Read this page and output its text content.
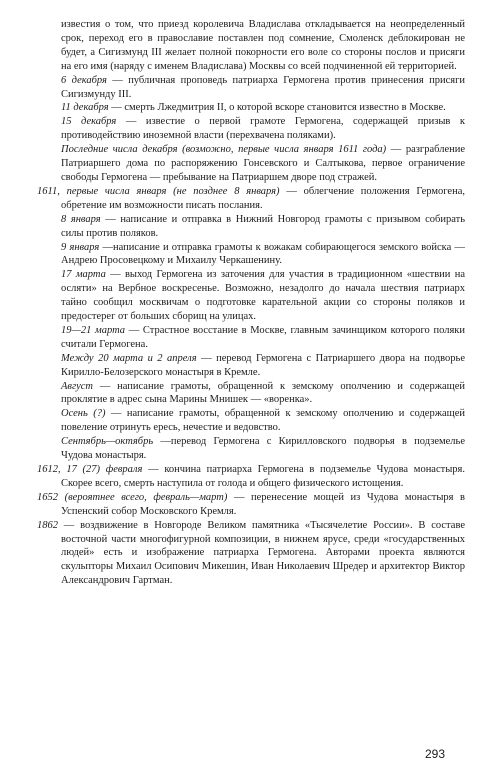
известия о том, что приезд королевича Владислава откладывается на неопределенный срок, переход его в православие поставлен под сомнение, Смоленск деблокирован не будет, а Сигизмунд III желает полной покорности его воле со стороны послов и присяги на его имя (наряду с именем Владислава) Москвы со всей подчиненной ей территорией.

6 декабря — публичная проповедь патриарха Гермогена против принесения присяги Сигизмунду III.

11 декабря — смерть Лжедмитрия II, о которой вскоре становится известно в Москве.

15 декабря — известие о первой грамоте Гермогена, содержащей призыв к противодействию иноземной власти (перехвачена поляками).

Последние числа декабря (возможно, первые числа января 1611 года) — разграбление Патриаршего дома по распоряжению Гонсевского и Салтыкова, первое ограничение свободы Гермогена — пребывание на Патриаршем дворе под стражей.

1611, первые числа января (не позднее 8 января) — облегчение положения Гермогена, обретение им возможности писать послания.

8 января — написание и отправка в Нижний Новгород грамоты с призывом собирать силы против поляков.

9 января —написание и отправка грамоты к вожакам собирающегося земского войска — Андрею Просовецкому и Михаилу Черкашенину.

17 марта — выход Гермогена из заточения для участия в традиционном «шествии на осляти» на Вербное воскресенье. Возможно, незадолго до начала шествия патриарх тайно сообщил москвичам о подготовке карательной акции со стороны поляков и предостерег от больших сборищ на улицах.

19—21 марта — Страстное восстание в Москве, главным зачинщиком которого поляки считали Гермогена.

Между 20 марта и 2 апреля — перевод Гермогена с Патриаршего двора на подворье Кирилло-Белозерского монастыря в Кремле.

Август — написание грамоты, обращенной к земскому ополчению и содержащей проклятие в адрес сына Марины Мнишек — «воренка».

Осень (?) — написание грамоты, обращенной к земскому ополчению и содержащей повеление отринуть ересь, нечестие и ведовство.

Сентябрь—октябрь —перевод Гермогена с Кирилловского подворья в подземелье Чудова монастыря.

1612, 17 (27) февраля — кончина патриарха Гермогена в подземелье Чудова монастыря. Скорее всего, смерть наступила от голода и общего физического истощения.

1652 (вероятнее всего, февраль—март) — перенесение мощей из Чудова монастыря в Успенский собор Московского Кремля.

1862 — воздвижение в Новгороде Великом памятника «Тысячелетие России». В составе восточной части многофигурной композиции, в нижнем ярусе, среди «государственных людей» есть и изображение патриарха Гермогена. Авторами проекта являются скульпторы Михаил Осипович Микешин, Иван Николаевич Шредер и архитектор Виктор Александрович Гартман.

293
